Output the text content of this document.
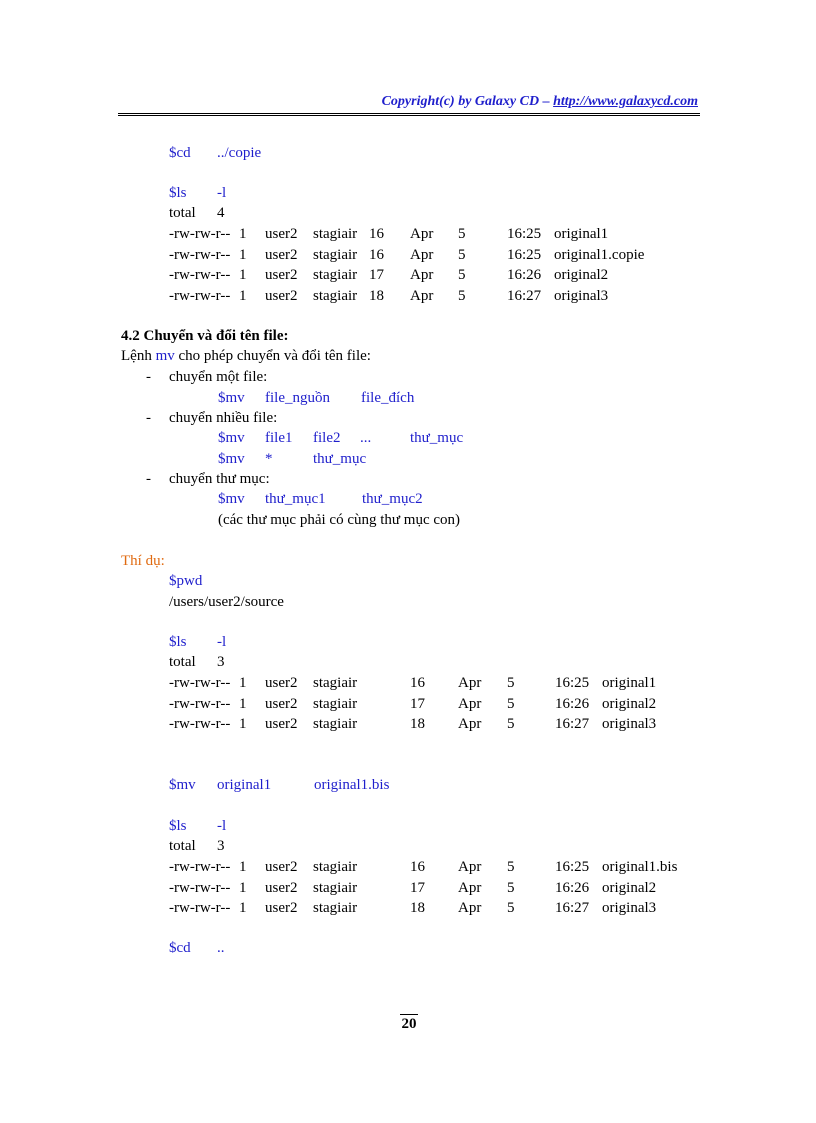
Copyright(c) by Galaxy CD – http://www.galaxycd.com
$cd ../copie
$ls -l
total 4
-rw-rw-r-- 1 user2 stagiair 16 Apr 5	16:25 original1
-rw-rw-r-- 1 user2 stagiair 16 Apr 5	16:25 original1.copie
-rw-rw-r-- 1 user2 stagiair 17 Apr 5	16:26 original2
-rw-rw-r-- 1 user2 stagiair 18 Apr 5	16:27 original3
4.2 Chuyển và đổi tên file:
Lệnh mv cho phép chuyển và đổi tên file:
- chuyển một file:
$mv file_nguồn file_đích
- chuyển nhiều file:
$mv file1 file2 ...	thư_mục
$mv *	thư_mục
- chuyển thư mục:
$mv thư_mục1 thư_mục2
(các thư mục phải có cùng thư mục con)
Thí dụ:
$pwd
/users/user2/source
$ls -l
total 3
-rw-rw-r-- 1 user2 stagiair	16 Apr 5	16:25 original1
-rw-rw-r-- 1 user2 stagiair	17 Apr 5	16:26 original2
-rw-rw-r-- 1 user2 stagiair	18 Apr 5	16:27 original3
$mv original1	original1.bis
$ls -l
total 3
-rw-rw-r-- 1 user2 stagiair	16 Apr 5	16:25 original1.bis
-rw-rw-r-- 1 user2 stagiair	17 Apr 5	16:26 original2
-rw-rw-r-- 1 user2 stagiair	18 Apr 5	16:27 original3
$cd ..
20
